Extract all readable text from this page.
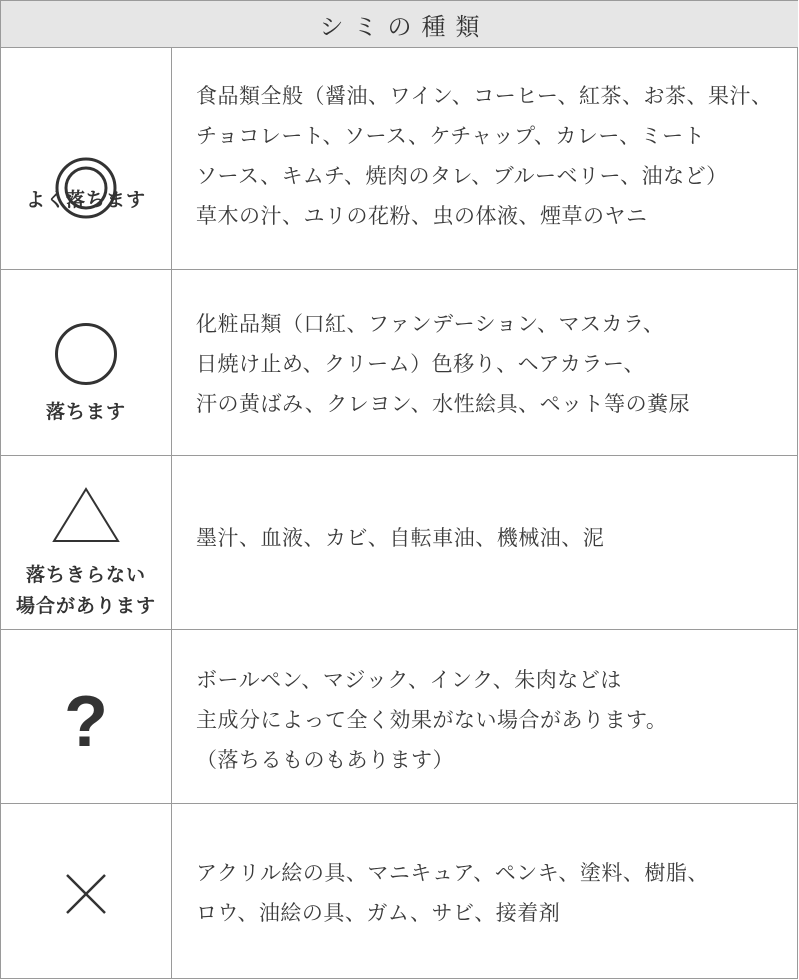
シミの種類
よく落ちます
食品類全般（醤油、ワイン、コーヒー、紅茶、お茶、果汁、
チョコレート、ソース、ケチャップ、カレー、ミート
ソース、キムチ、焼肉のタレ、ブルーベリー、油など）
草木の汁、ユリの花粉、虫の体液、煙草のヤニ
落ちます
化粧品類（口紅、ファンデーション、マスカラ、
日焼け止め、クリーム）色移り、ヘアカラー、
汗の黄ばみ、クレヨン、水性絵具、ペット等の糞尿
落ちきらない
場合があります
墨汁、血液、カビ、自転車油、機械油、泥
?
ボールペン、マジック、インク、朱肉などは
主成分によって全く効果がない場合があります。
（落ちるものもあります）
アクリル絵の具、マニキュア、ペンキ、塗料、樹脂、
ロウ、油絵の具、ガム、サビ、接着剤
